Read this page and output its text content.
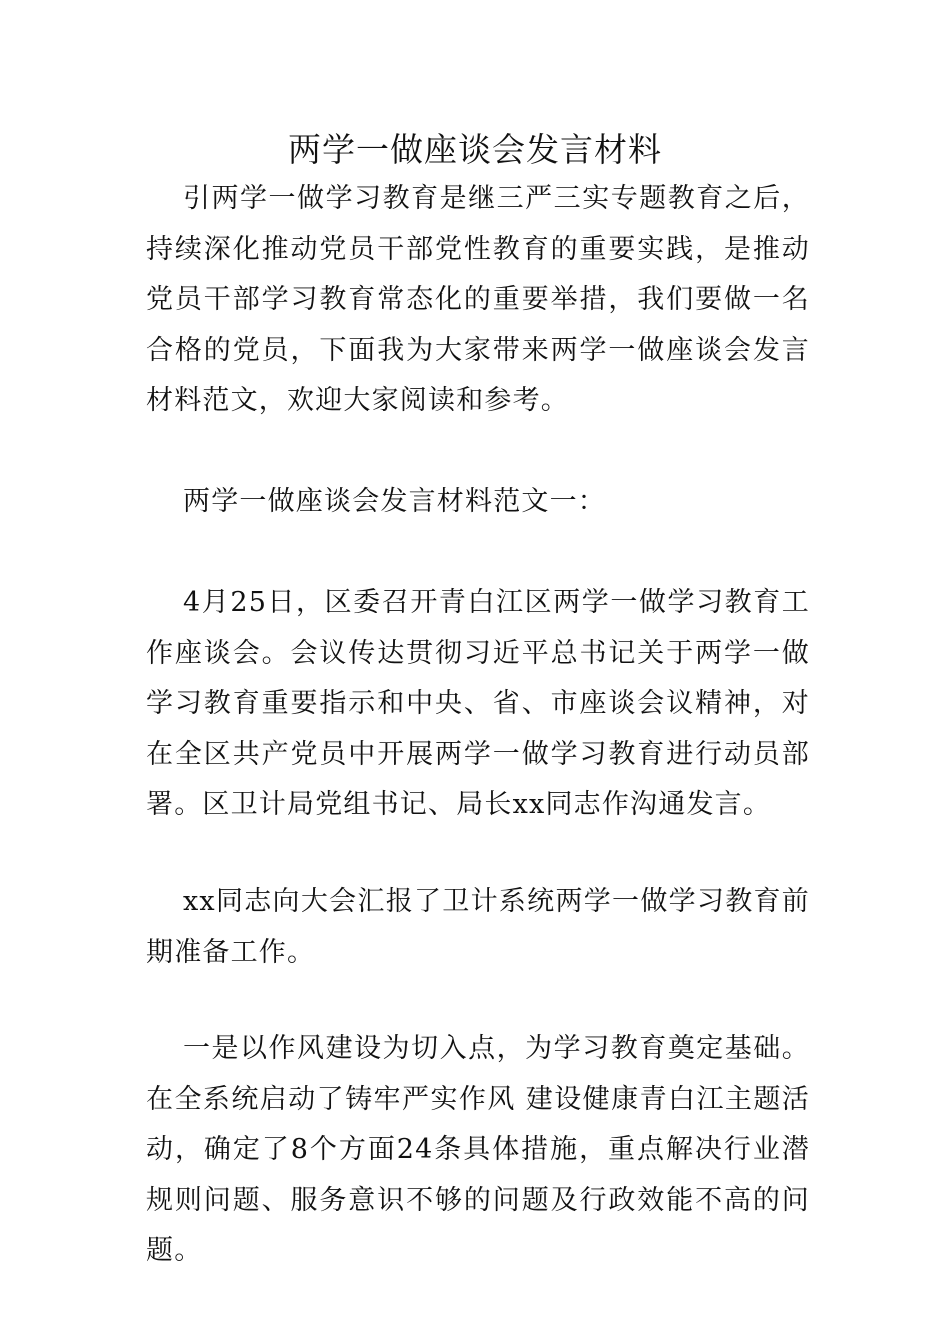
两学一做座谈会发言材料

引两学一做学习教育是继三严三实专题教育之后，持续深化推动党员干部党性教育的重要实践，是推动党员干部学习教育常态化的重要举措，我们要做一名合格的党员，下面我为大家带来两学一做座谈会发言材料范文，欢迎大家阅读和参考。

两学一做座谈会发言材料范文一：

4月25日，区委召开青白江区两学一做学习教育工作座谈会。会议传达贯彻习近平总书记关于两学一做学习教育重要指示和中央、省、市座谈会议精神，对在全区共产党员中开展两学一做学习教育进行动员部署。区卫计局党组书记、局长xx同志作沟通发言。

xx同志向大会汇报了卫计系统两学一做学习教育前期准备工作。

一是以作风建设为切入点，为学习教育奠定基础。在全系统启动了铸牢严实作风 建设健康青白江主题活动，确定了8个方面24条具体措施，重点解决行业潜规则问题、服务意识不够的问题及行政效能不高的问题。
